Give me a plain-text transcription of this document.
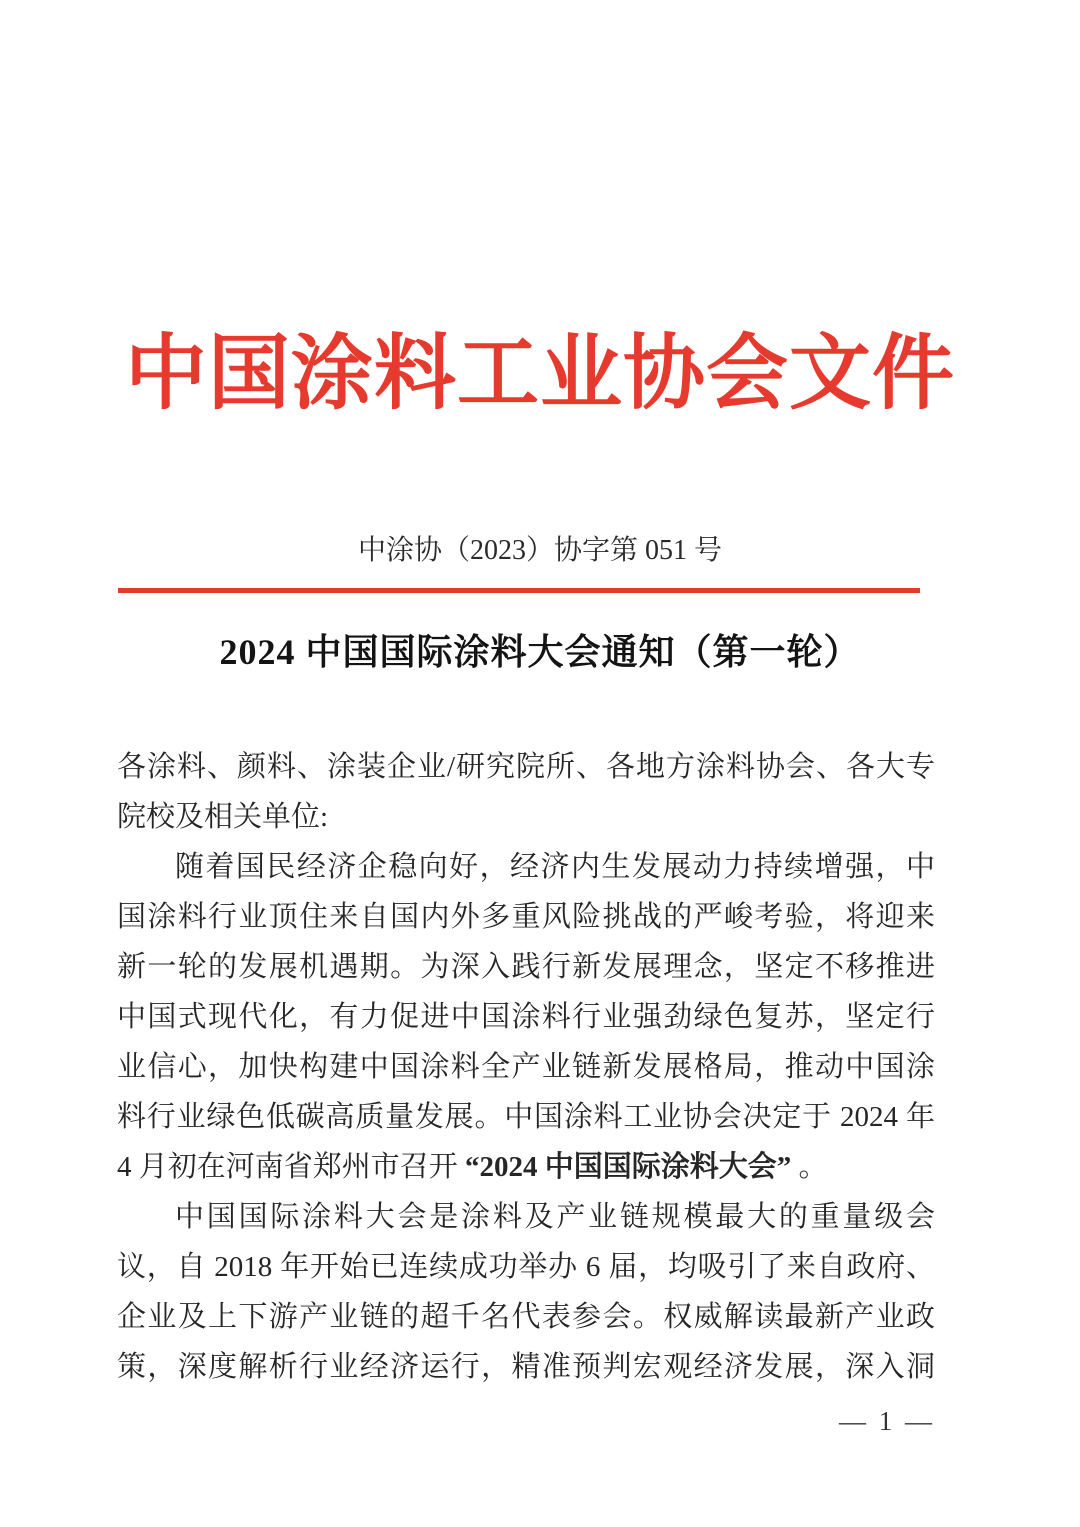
中国涂料工业协会文件
中涂协（2023）协字第 051 号
2024 中国国际涂料大会通知（第一轮）
各涂料、颜料、涂装企业/研究院所、各地方涂料协会、各大专
院校及相关单位:
随着国民经济企稳向好，经济内生发展动力持续增强，中
国涂料行业顶住来自国内外多重风险挑战的严峻考验，将迎来
新一轮的发展机遇期。为深入践行新发展理念，坚定不移推进
中国式现代化，有力促进中国涂料行业强劲绿色复苏，坚定行
业信心，加快构建中国涂料全产业链新发展格局，推动中国涂
料行业绿色低碳高质量发展。中国涂料工业协会决定于 2024 年
4 月初在河南省郑州市召开 “2024 中国国际涂料大会” 。
中国国际涂料大会是涂料及产业链规模最大的重量级会
议，自 2018 年开始已连续成功举办 6 届，均吸引了来自政府、
企业及上下游产业链的超千名代表参会。权威解读最新产业政
策，深度解析行业经济运行，精准预判宏观经济发展，深入洞
— 1 —
